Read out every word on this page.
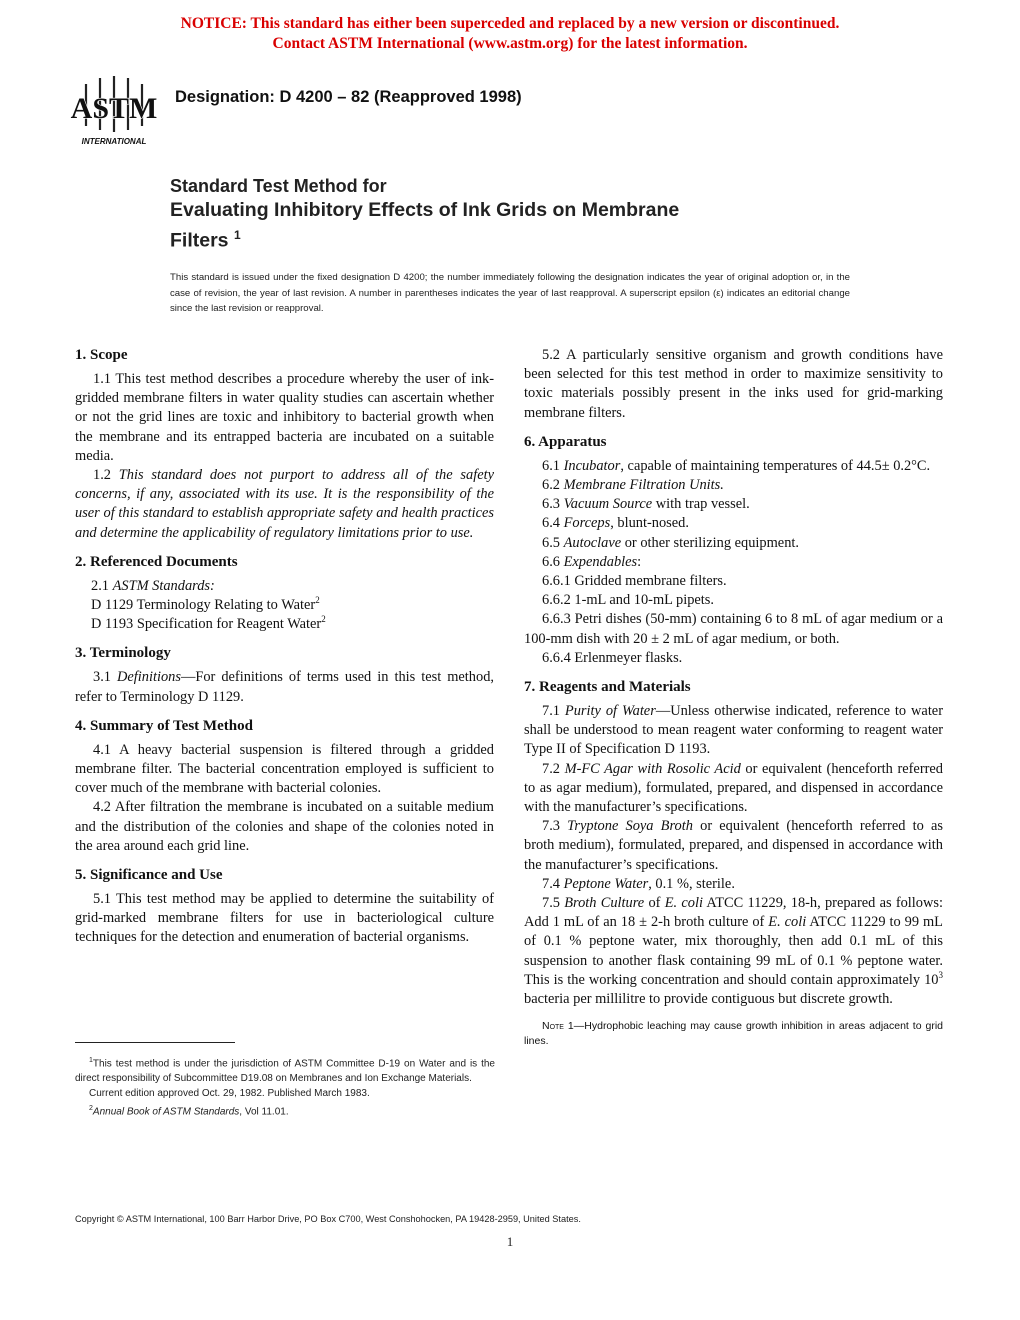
NOTICE: This standard has either been superceded and replaced by a new version or discontinued.
Contact ASTM International (www.astm.org) for the latest information.
ASTM
INTERNATIONAL
Designation: D 4200 – 82 (Reapproved 1998)
Standard Test Method for
Evaluating Inhibitory Effects of Ink Grids on Membrane
Filters $^1$
This standard is issued under the fixed designation D 4200; the number immediately following the designation indicates the year of original adoption or, in the case of revision, the year of last revision. A number in parentheses indicates the year of last reapproval. A superscript epsilon (ε) indicates an editorial change since the last revision or reapproval.
1. Scope

1.1 This test method describes a procedure whereby the user of ink-gridded membrane filters in water quality studies can ascertain whether or not the grid lines are toxic and inhibitory to bacterial growth when the membrane and its entrapped bacteria are incubated on a suitable media.

1.2 This standard does not purport to address all of the safety concerns, if any, associated with its use. It is the responsibility of the user of this standard to establish appropriate safety and health practices and determine the applicability of regulatory limitations prior to use.

2. Referenced Documents
2.1 ASTM Standards:
D 1129 Terminology Relating to Water$^2$
D 1193 Specification for Reagent Water$^2$
3. Terminology

3.1 Definitions—For definitions of terms used in this test method, refer to Terminology D 1129.

4. Summary of Test Method

4.1 A heavy bacterial suspension is filtered through a gridded membrane filter. The bacterial concentration employed is sufficient to cover much of the membrane with bacterial colonies.

4.2 After filtration the membrane is incubated on a suitable medium and the distribution of the colonies and shape of the colonies noted in the area around each grid line.

5. Significance and Use

5.1 This test method may be applied to determine the suitability of grid-marked membrane filters for use in bacteriological culture techniques for the detection and enumeration of bacterial organisms.

5.2 A particularly sensitive organism and growth conditions have been selected for this test method in order to maximize sensitivity to toxic materials possibly present in the inks used for grid-marking membrane filters.

6. Apparatus

6.1 Incubator, capable of maintaining temperatures of 44.5± 0.2°C.

6.2 Membrane Filtration Units.

6.3 Vacuum Source with trap vessel.

6.4 Forceps, blunt-nosed.

6.5 Autoclave or other sterilizing equipment.

6.6 Expendables:

6.6.1 Gridded membrane filters.

6.6.2 1-mL and 10-mL pipets.

6.6.3 Petri dishes (50-mm) containing 6 to 8 mL of agar medium or a 100-mm dish with 20 ± 2 mL of agar medium, or both.

6.6.4 Erlenmeyer flasks.

7. Reagents and Materials

7.1 Purity of Water—Unless otherwise indicated, reference to water shall be understood to mean reagent water conforming to reagent water Type II of Specification D 1193.

7.2 M-FC Agar with Rosolic Acid or equivalent (henceforth referred to as agar medium), formulated, prepared, and dispensed in accordance with the manufacturer’s specifications.

7.3 Tryptone Soya Broth or equivalent (henceforth referred to as broth medium), formulated, prepared, and dispensed in accordance with the manufacturer’s specifications.

7.4 Peptone Water, 0.1 %, sterile.

7.5 Broth Culture of E. coli ATCC 11229, 18-h, prepared as follows: Add 1 mL of an 18 ± 2-h broth culture of E. coli ATCC 11229 to 99 mL of 0.1 % peptone water, mix thoroughly, then add 0.1 mL of this suspension to another flask containing 99 mL of 0.1 % peptone water. This is the working concentration and should contain approximately $10^3$ bacteria per millilitre to provide contiguous but discrete growth.

Note 1—Hydrophobic leaching may cause growth inhibition in areas adjacent to grid lines.

$^1$This test method is under the jurisdiction of ASTM Committee D-19 on Water and is the direct responsibility of Subcommittee D19.08 on Membranes and Ion Exchange Materials.

Current edition approved Oct. 29, 1982. Published March 1983.

$^2$Annual Book of ASTM Standards, Vol 11.01.

Copyright © ASTM International, 100 Barr Harbor Drive, PO Box C700, West Conshohocken, PA 19428-2959, United States.
1
